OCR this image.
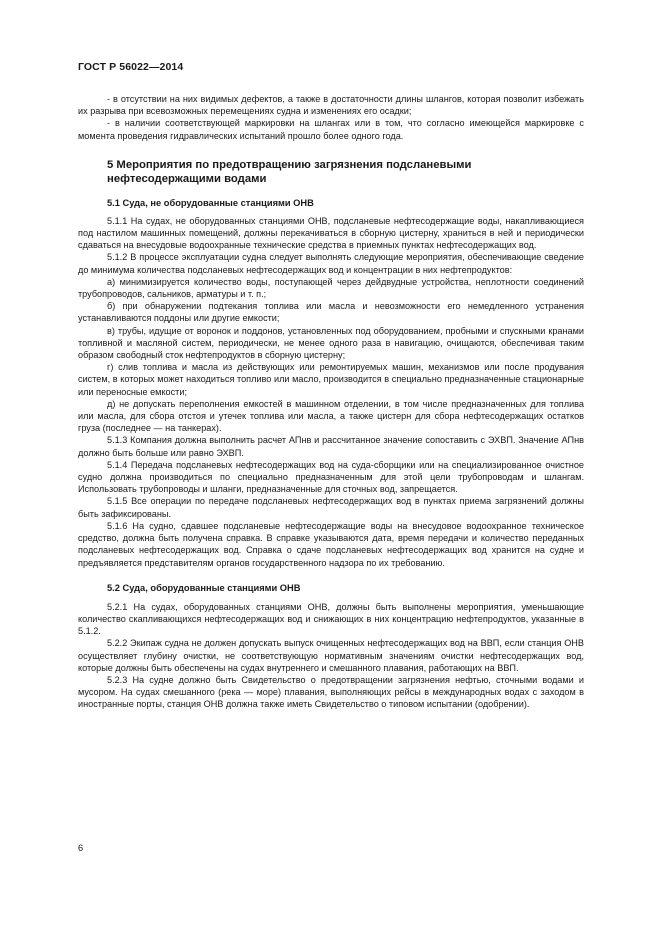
ГОСТ Р 56022—2014

- в отсутствии на них видимых дефектов, а также в достаточности длины шлангов, которая позволит избежать их разрыва при всевозможных перемещениях судна и изменениях его осадки;

- в наличии соответствующей маркировки на шлангах или в том, что согласно имеющейся маркировке с момента проведения гидравлических испытаний прошло более одного года.

5 Мероприятия по предотвращению загрязнения подсланевыми нефтесодержащими водами
5.1 Суда, не оборудованные станциями ОНВ

5.1.1 На судах, не оборудованных станциями ОНВ, подсланевые нефтесодержащие воды, накапливающиеся под настилом машинных помещений, должны перекачиваться в сборную цистерну, храниться в ней и периодически сдаваться на внесудовые водоохранные технические средства в приемных пунктах нефтесодержащих вод.

5.1.2 В процессе эксплуатации судна следует выполнять следующие мероприятия, обеспечивающие сведение до минимума количества подсланевых нефтесодержащих вод и концентрации в них нефтепродуктов:

а) минимизируется количество воды, поступающей через дейдвудные устройства, неплотности соединений трубопроводов, сальников, арматуры и т. п.;

б) при обнаружении подтекания топлива или масла и невозможности его немедленного устранения устанавливаются поддоны или другие емкости;

в) трубы, идущие от воронок и поддонов, установленных под оборудованием, пробными и спускными кранами топливной и масляной систем, периодически, не менее одного раза в навигацию, очищаются, обеспечивая таким образом свободный сток нефтепродуктов в сборную цистерну;

г) слив топлива и масла из действующих или ремонтируемых машин, механизмов или после продувания систем, в которых может находиться топливо или масло, производится в специально предназначенные стационарные или переносные емкости;

д) не допускать переполнения емкостей в машинном отделении, в том числе предназначенных для топлива или масла, для сбора отстоя и утечек топлива или масла, а также цистерн для сбора нефтесодержащих остатков груза (последнее — на танкерах).

5.1.3 Компания должна выполнить расчет АПнв и рассчитанное значение сопоставить с ЭХВП. Значение АПнв должно быть больше или равно ЭХВП.

5.1.4 Передача подсланевых нефтесодержащих вод на суда-сборщики или на специализированное очистное судно должна производиться по специально предназначенным для этой цели трубопроводам и шлангам. Использовать трубопроводы и шланги, предназначенные для сточных вод, запрещается.

5.1.5 Все операции по передаче подсланевых нефтесодержащих вод в пунктах приема загрязнений должны быть зафиксированы.

5.1.6 На судно, сдавшее подсланевые нефтесодержащие воды на внесудовое водоохранное техническое средство, должна быть получена справка. В справке указываются дата, время передачи и количество переданных подсланевых нефтесодержащих вод. Справка о сдаче подсланевых нефтесодержащих вод хранится на судне и предъявляется представителям органов государственного надзора по их требованию.

5.2 Суда, оборудованные станциями ОНВ

5.2.1 На судах, оборудованных станциями ОНВ, должны быть выполнены мероприятия, уменьшающие количество скапливающихся нефтесодержащих вод и снижающих в них концентрацию нефтепродуктов, указанные в 5.1.2.

5.2.2 Экипаж судна не должен допускать выпуск очищенных нефтесодержащих вод на ВВП, если станция ОНВ осуществляет глубину очистки, не соответствующую нормативным значениям очистки нефтесодержащих вод, которые должны быть обеспечены на судах внутреннего и смешанного плавания, работающих на ВВП.

5.2.3 На судне должно быть Свидетельство о предотвращении загрязнения нефтью, сточными водами и мусором. На судах смешанного (река — море) плавания, выполняющих рейсы в международных водах с заходом в иностранные порты, станция ОНВ должна также иметь Свидетельство о типовом испытании (одобрении).

6
